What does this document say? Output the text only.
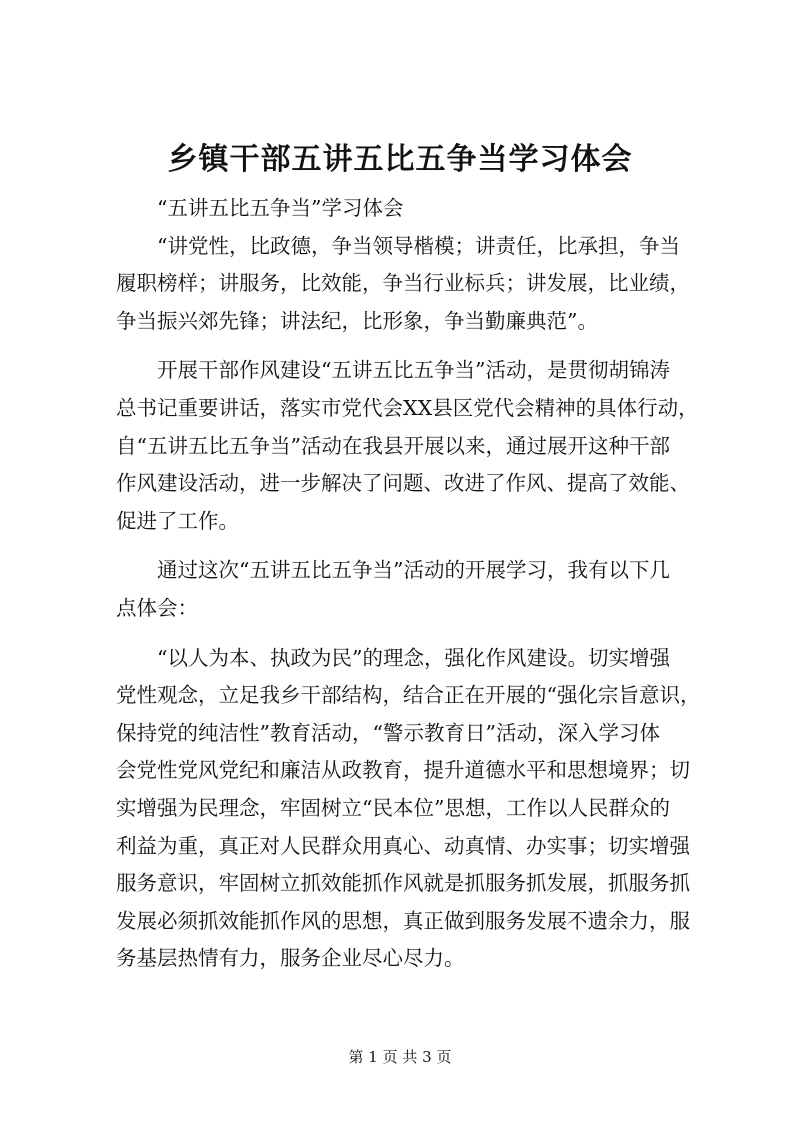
乡镇干部五讲五比五争当学习体会

“五讲五比五争当”学习体会

“讲党性，比政德，争当领导楷模；讲责任，比承担，争当
履职榜样；讲服务，比效能，争当行业标兵；讲发展，比业绩，
争当振兴郊先锋；讲法纪，比形象，争当勤廉典范”。

开展干部作风建设“五讲五比五争当”活动，是贯彻胡锦涛
总书记重要讲话，落实市党代会XX县区党代会精神的具体行动，
自“五讲五比五争当”活动在我县开展以来，通过展开这种干部
作风建设活动，进一步解决了问题、改进了作风、提高了效能、
促进了工作。

通过这次“五讲五比五争当”活动的开展学习，我有以下几
点体会：

“以人为本、执政为民”的理念，强化作风建设。切实增强
党性观念，立足我乡干部结构，结合正在开展的“强化宗旨意识，
保持党的纯洁性”教育活动，“警示教育日”活动，深入学习体
会党性党风党纪和廉洁从政教育，提升道德水平和思想境界；切
实增强为民理念，牢固树立“民本位”思想，工作以人民群众的
利益为重，真正对人民群众用真心、动真情、办实事；切实增强
服务意识，牢固树立抓效能抓作风就是抓服务抓发展，抓服务抓
发展必须抓效能抓作风的思想，真正做到服务发展不遗余力，服
务基层热情有力，服务企业尽心尽力。

第 1 页 共 3 页
